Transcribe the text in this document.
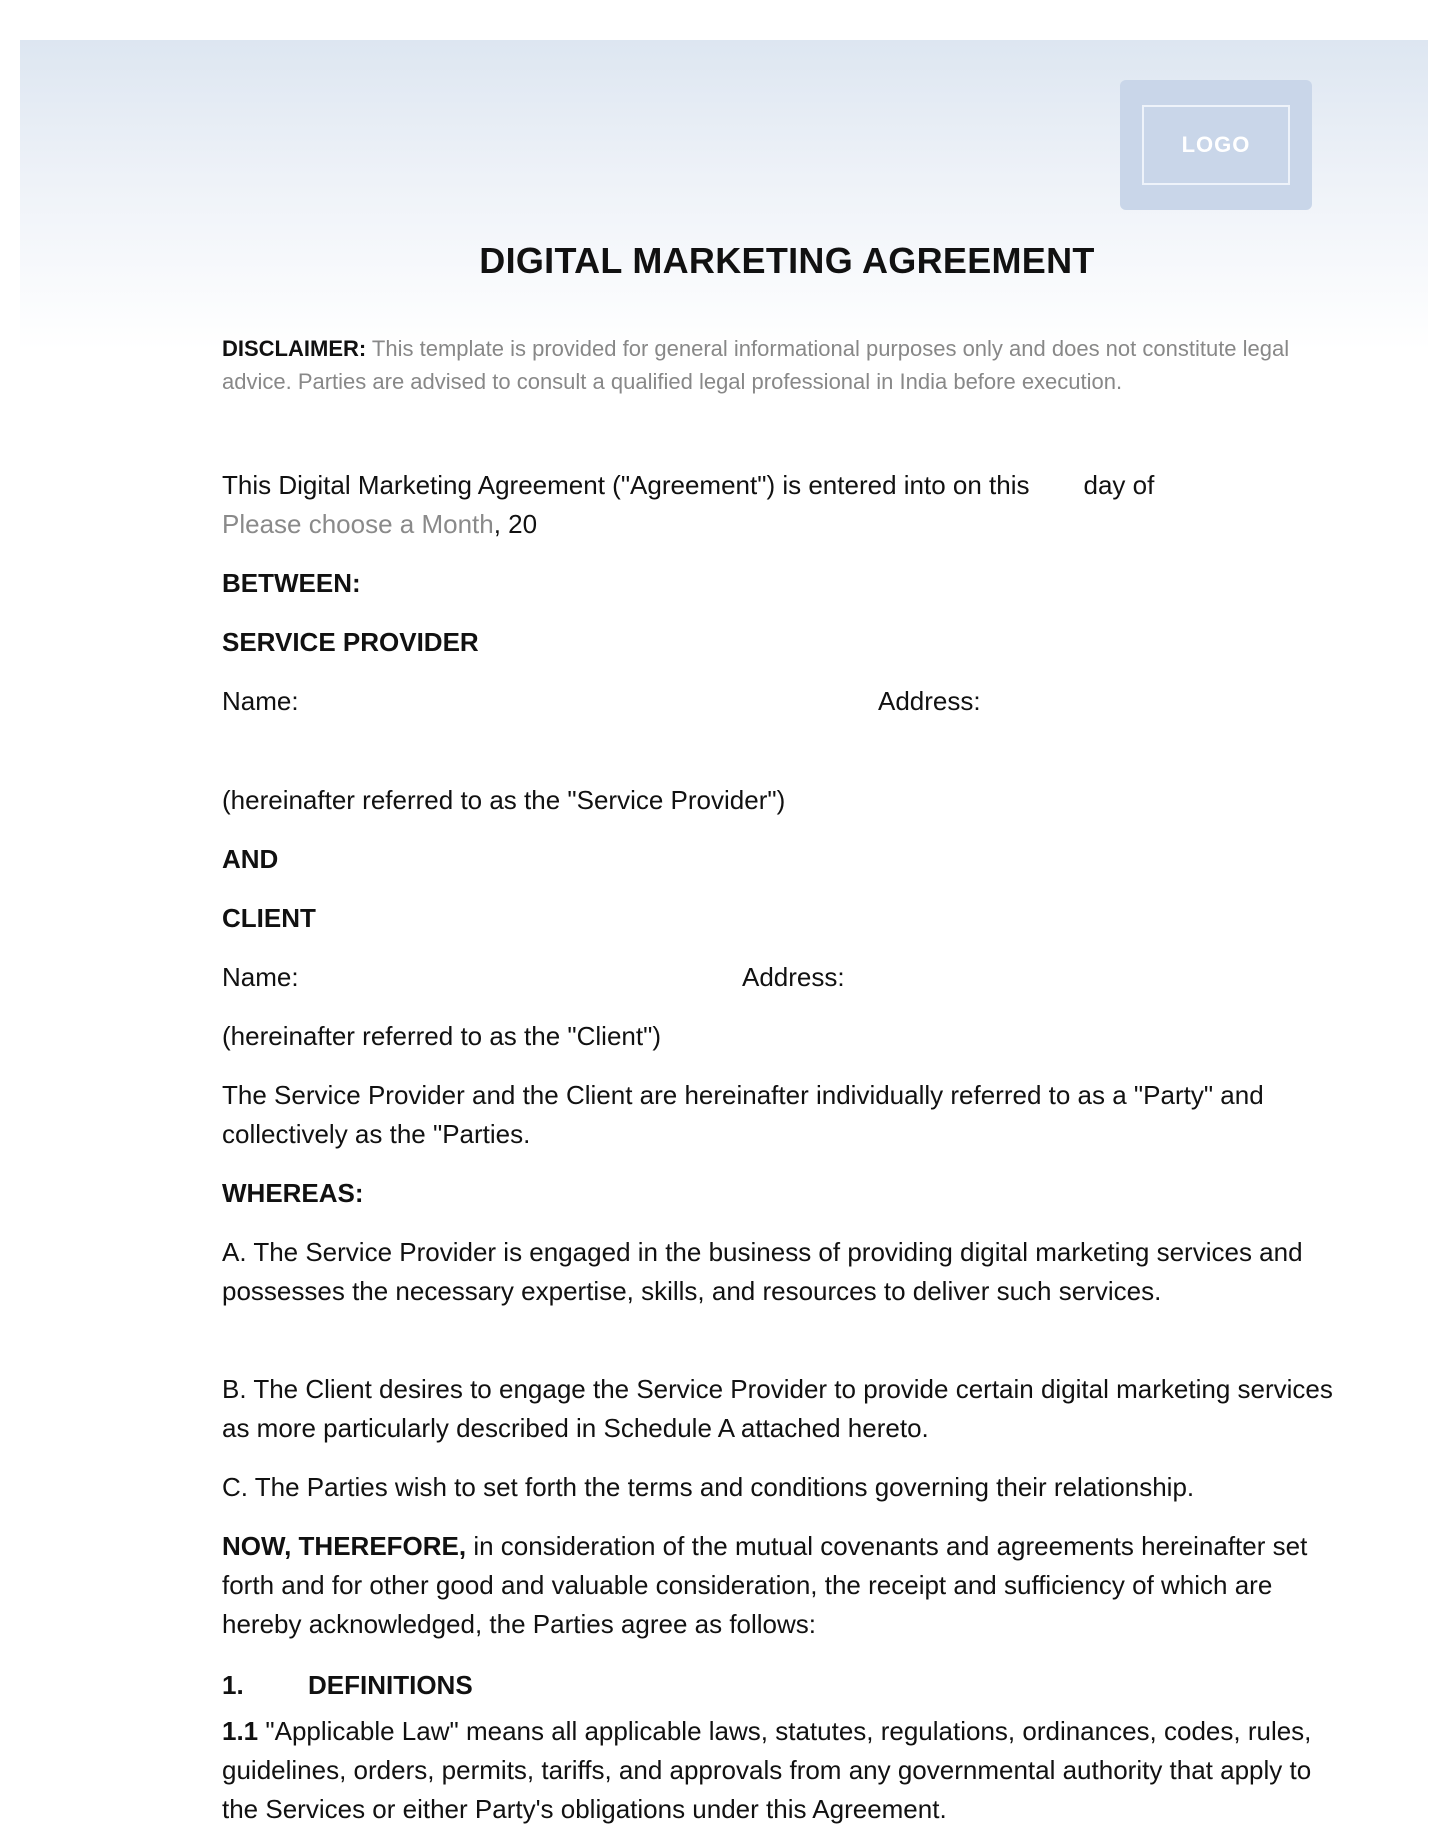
LOGO
DIGITAL MARKETING AGREEMENT
DISCLAIMER: This template is provided for general informational purposes only and does not constitute legal advice. Parties are advised to consult a qualified legal professional in India before execution.
This Digital Marketing Agreement ("Agreement") is entered into on this day of
Please choose a Month, 20
BETWEEN:
SERVICE PROVIDER
Name:	Address:
(hereinafter referred to as the "Service Provider")
AND
CLIENT
Name:	Address:
(hereinafter referred to as the "Client")
The Service Provider and the Client are hereinafter individually referred to as a "Party" and collectively as the "Parties.
WHEREAS:
A. The Service Provider is engaged in the business of providing digital marketing services and possesses the necessary expertise, skills, and resources to deliver such services.
B. The Client desires to engage the Service Provider to provide certain digital marketing services as more particularly described in Schedule A attached hereto.
C. The Parties wish to set forth the terms and conditions governing their relationship.
NOW, THEREFORE, in consideration of the mutual covenants and agreements hereinafter set forth and for other good and valuable consideration, the receipt and sufficiency of which are hereby acknowledged, the Parties agree as follows:
1. DEFINITIONS
1.1 "Applicable Law" means all applicable laws, statutes, regulations, ordinances, codes, rules, guidelines, orders, permits, tariffs, and approvals from any governmental authority that apply to the Services or either Party's obligations under this Agreement.
